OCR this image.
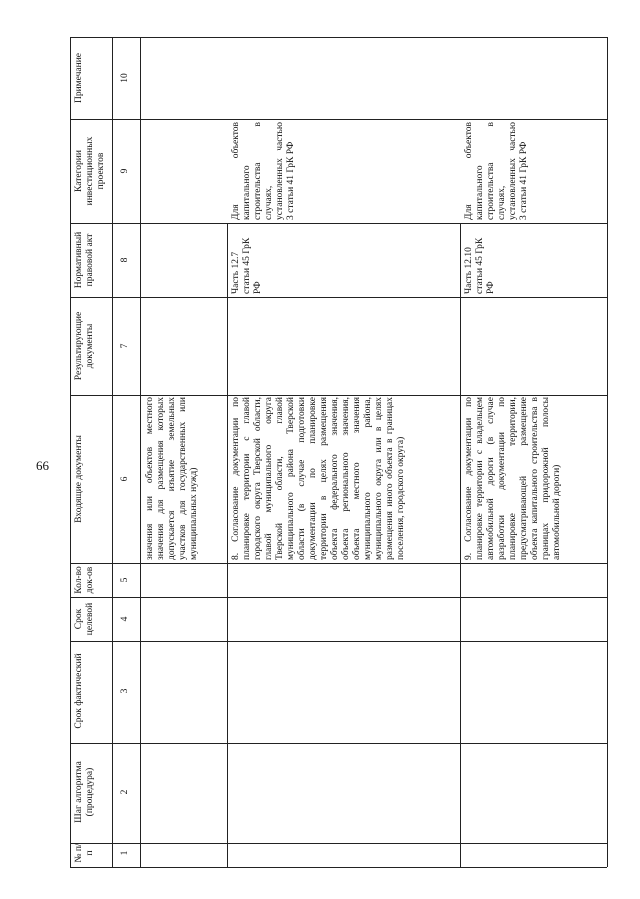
66
№ п/п
Шаг алгоритма (процедура)
Срок фактический
Срок целевой
Кол-во док-ов
Входящие документы
Результирующие документы
Нормативный правовой акт
Категории инвестиционных проектов
Примечание
1
2
3
4
5
6
7
8
9
10
значения или объектов местного значения для размещения которых допускается изъятие земельных участков для государственных или муниципальных нужд)	8. Согласование документации по планировке территории с главой городского округа Тверской области, главой муниципального округа Тверской области, главой муниципального района Тверской области (в случае подготовки документации по планировке территории в целях размещения объекта федерального значения, объекта регионального значения, объекта местного значения муниципального района, муниципального округа или в целях размещения иного объекта в границах поселения, городского округа)
Часть 12.7 статьи 45 ГрК РФ
Для объектов капитального строительства в случаях, установленных частью 3 статьи 41 ГрК РФ
9. Согласование документации по планировке территории с владельцем автомобильной дороги (в случае разработки документации по планировке территории, предусматривающей размещение объекта капитального строительства в границах придорожной полосы автомобильной дороги)
Часть 12.10 статьи 45 ГрК РФ
Для объектов капитального строительства в случаях, установленных частью 3 статьи 41 ГрК РФ
